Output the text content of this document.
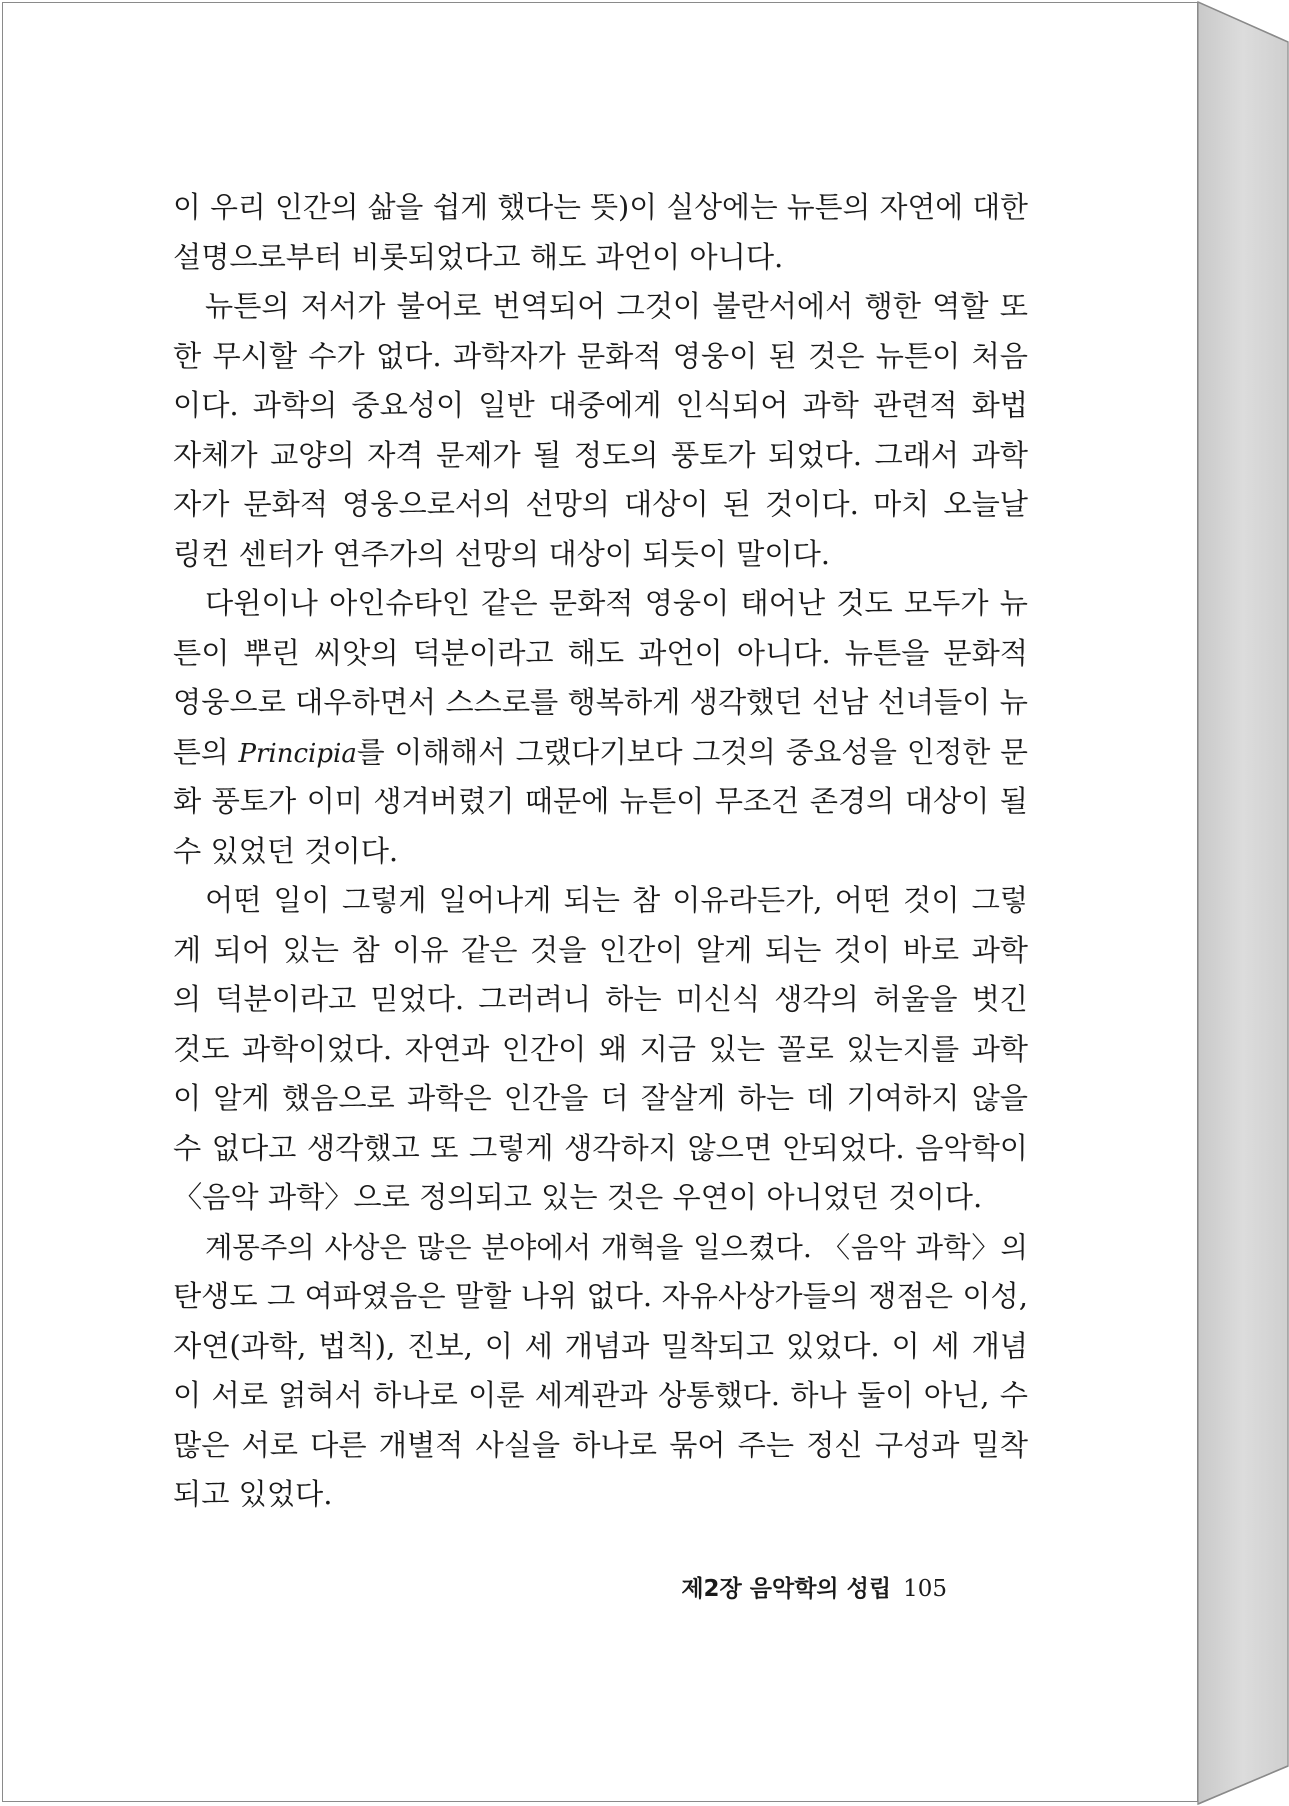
이 우리 인간의 삶을 쉽게 했다는 뜻)이 실상에는 뉴튼의 자연에 대한
설명으로부터 비롯되었다고 해도 과언이 아니다.
뉴튼의 저서가 불어로 번역되어 그것이 불란서에서 행한 역할 또
한 무시할 수가 없다. 과학자가 문화적 영웅이 된 것은 뉴튼이 처음
이다. 과학의 중요성이 일반 대중에게 인식되어 과학 관련적 화법
자체가 교양의 자격 문제가 될 정도의 풍토가 되었다. 그래서 과학
자가 문화적 영웅으로서의 선망의 대상이 된 것이다. 마치 오늘날
링컨 센터가 연주가의 선망의 대상이 되듯이 말이다.
다윈이나 아인슈타인 같은 문화적 영웅이 태어난 것도 모두가 뉴
튼이 뿌린 씨앗의 덕분이라고 해도 과언이 아니다. 뉴튼을 문화적
영웅으로 대우하면서 스스로를 행복하게 생각했던 선남 선녀들이 뉴
튼의 Principia를 이해해서 그랬다기보다 그것의 중요성을 인정한 문
화 풍토가 이미 생겨버렸기 때문에 뉴튼이 무조건 존경의 대상이 될
수 있었던 것이다.
어떤 일이 그렇게 일어나게 되는 참 이유라든가, 어떤 것이 그렇
게 되어 있는 참 이유 같은 것을 인간이 알게 되는 것이 바로 과학
의 덕분이라고 믿었다. 그러려니 하는 미신식 생각의 허울을 벗긴
것도 과학이었다. 자연과 인간이 왜 지금 있는 꼴로 있는지를 과학
이 알게 했음으로 과학은 인간을 더 잘살게 하는 데 기여하지 않을
수 없다고 생각했고 또 그렇게 생각하지 않으면 안되었다. 음악학이
〈음악 과학〉으로 정의되고 있는 것은 우연이 아니었던 것이다.
계몽주의 사상은 많은 분야에서 개혁을 일으켰다. 〈음악 과학〉의
탄생도 그 여파였음은 말할 나위 없다. 자유사상가들의 쟁점은 이성,
자연(과학, 법칙), 진보, 이 세 개념과 밀착되고 있었다. 이 세 개념
이 서로 얽혀서 하나로 이룬 세계관과 상통했다. 하나 둘이 아닌, 수
많은 서로 다른 개별적 사실을 하나로 묶어 주는 정신 구성과 밀착
되고 있었다.
제2장 음악학의 성립 105
